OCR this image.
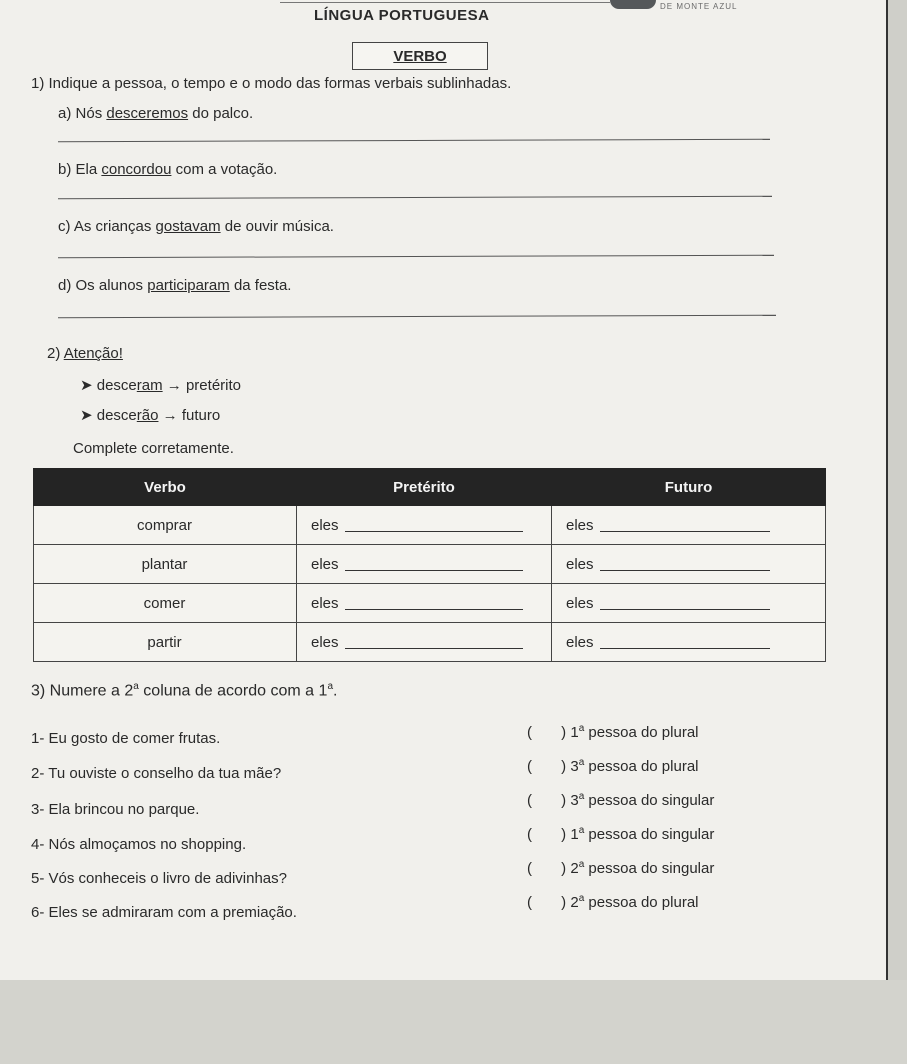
LÍNGUA PORTUGUESA
DE MONTE AZUL
VERBO
1) Indique a pessoa, o tempo e o modo das formas verbais sublinhadas.
a) Nós desceremos do palco.
b) Ela concordou com a votação.
c) As crianças gostavam de ouvir música.
d) Os alunos participaram da festa.
2) Atenção!
➤ desceram → pretérito
➤ descerão → futuro
Complete corretamente.
Verbo	Pretérito	Futuro
comprar	eles	eles
plantar	eles	eles
comer	eles	eles
partir	eles	eles
3) Numere a 2$^a$ coluna de acordo com a 1$^a$.
1- Eu gosto de comer frutas.
2- Tu ouviste o conselho da tua mãe?
3- Ela brincou no parque.
4- Nós almoçamos no shopping.
5- Vós conheceis o livro de adivinhas?
6- Eles se admiraram com a premiação.
(       ) 1$^a$ pessoa do plural
(       ) 3$^a$ pessoa do plural
(       ) 3$^a$ pessoa do singular
(       ) 1$^a$ pessoa do singular
(       ) 2$^a$ pessoa do singular
(       ) 2$^a$ pessoa do plural
